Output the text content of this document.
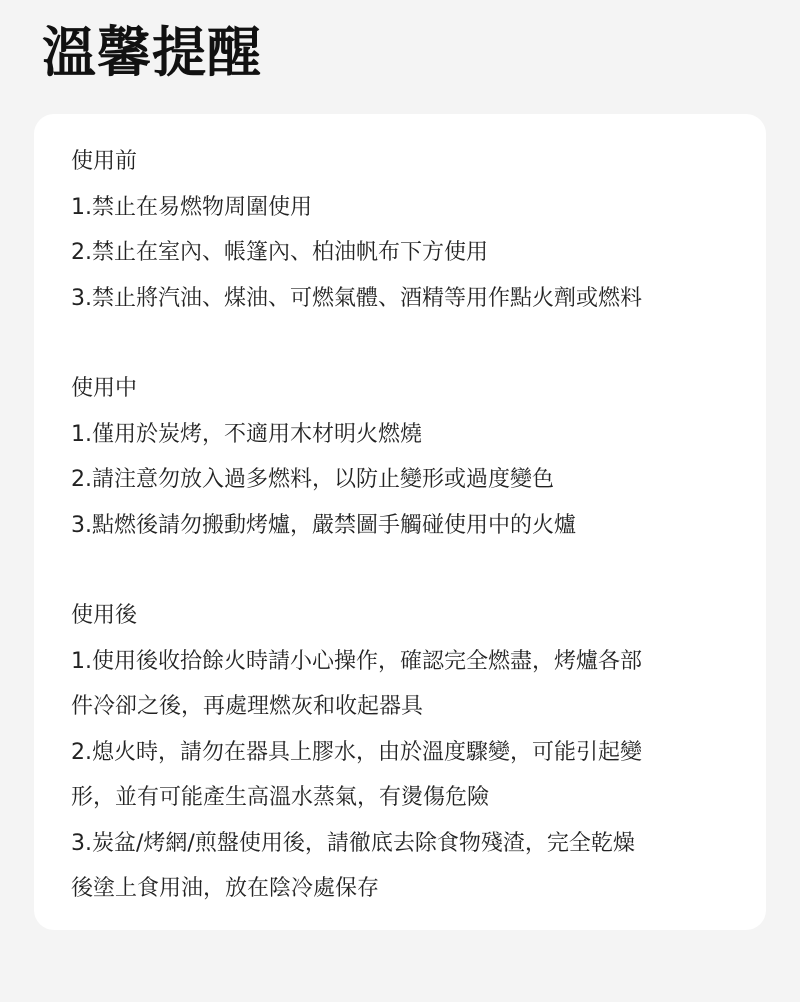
溫馨提醒
使用前
1.禁止在易燃物周圍使用
2.禁止在室內、帳篷內、柏油帆布下方使用
3.禁止將汽油、煤油、可燃氣體、酒精等用作點火劑或燃料
使用中
1.僅用於炭烤，不適用木材明火燃燒
2.請注意勿放入過多燃料，以防止變形或過度變色
3.點燃後請勿搬動烤爐，嚴禁圖手觸碰使用中的火爐
使用後
1.使用後收拾餘火時請小心操作，確認完全燃盡，烤爐各部
件冷卻之後，再處理燃灰和收起器具
2.熄火時，請勿在器具上膠水，由於溫度驟變，可能引起變
形，並有可能產生高溫水蒸氣，有燙傷危險
3.炭盆/烤網/煎盤使用後，請徹底去除食物殘渣，完全乾燥
後塗上食用油，放在陰冷處保存
